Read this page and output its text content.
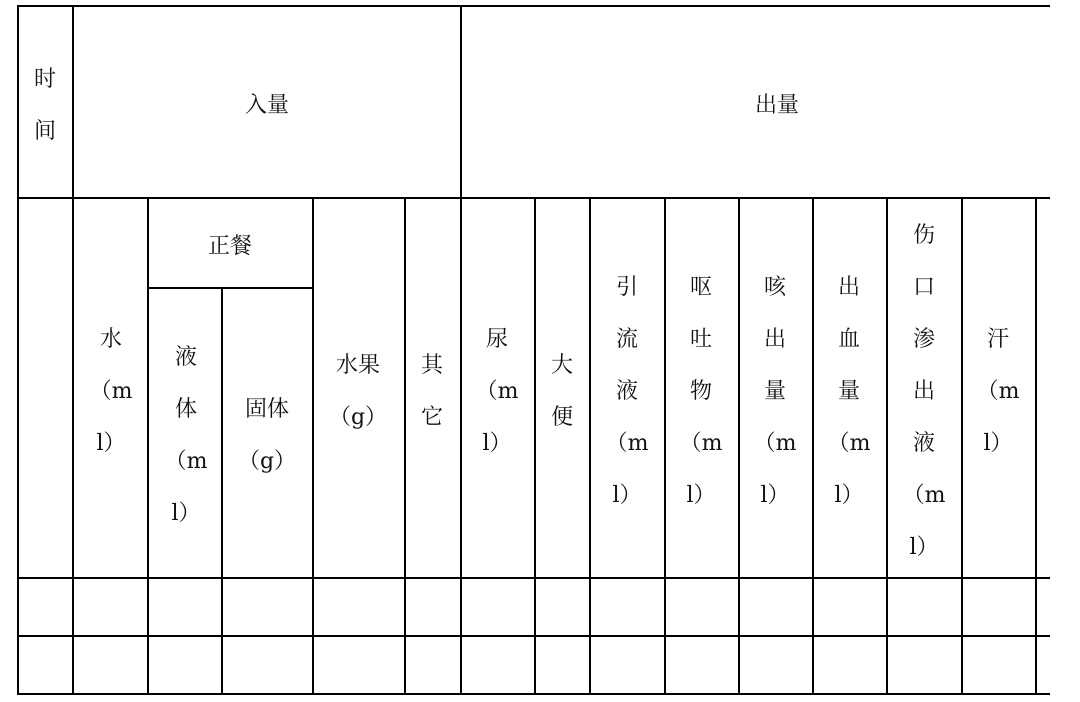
时
间
入量	出量
水
（m
l）
正餐
液
体
（m
l）
固体
（g）
水果
（g）
其
它
尿
（m
l）
大
便
引
流
液
（m
l）
呕
吐
物
（m
l）
咳
出
量
（m
l）
出
血
量
（m
l）
伤
口
渗
出
液
（m
l）
汗
（m
l）
